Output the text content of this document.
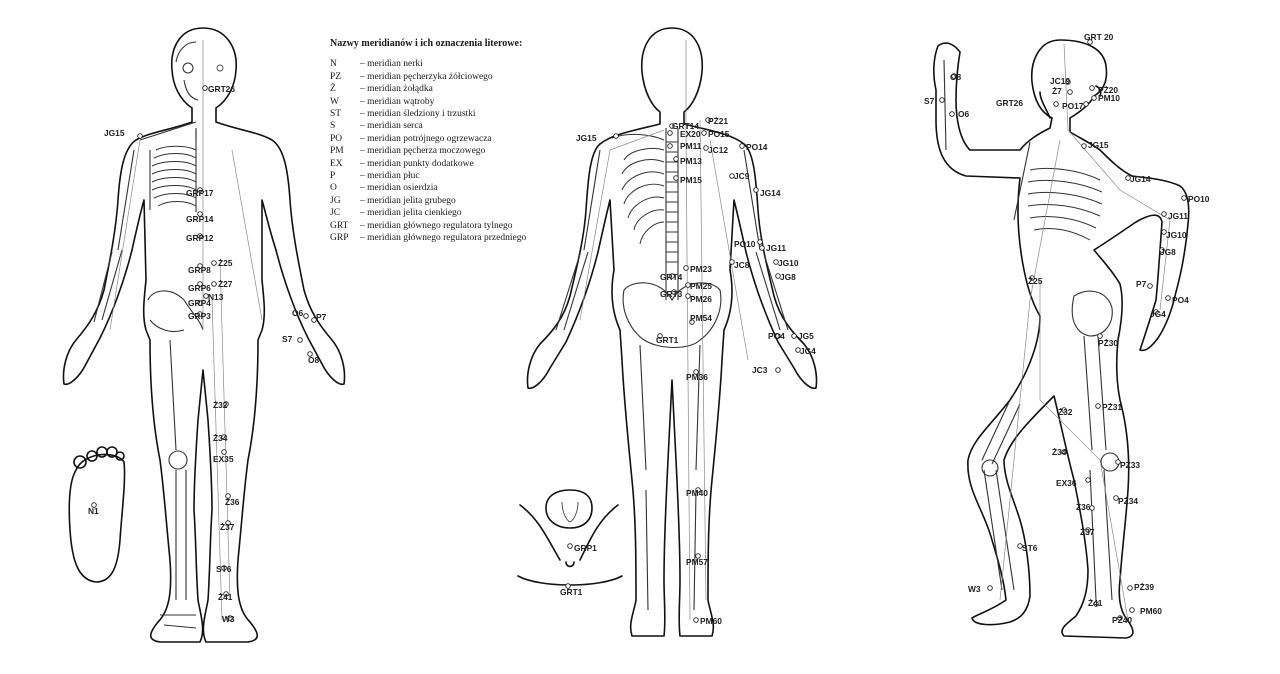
GRT26
JG15
GRP17
GRP14
GRP12
GRP8
Ż25
GRP6 Ż27
N13
GRP4
GRP3	O6 P7
S7
O8
Ż32
Ż34
EX35
Ż36
Ż37
ST6
Ż41
W3
N1
PŻ21
GRT14
EX20 PO15
JG15
PM11 JC12 PO14
PM13
PM15	JC9
JG14
PO10 JG11
JC8	JG10
JG8
PM23
GRT4
PM25
GRT3 PM26
PM54
GRT1	PO4 JG5
JG4
JC3
PM36
PM40
GRP1
GRT1
PM57
PM60
GRT 20
O8	JC19
Ż7	PŻ20
PM10
GRT26	PO17
S7
O6
JG15
JG14
PO10
JG11
JG10
JG8
Ż25	P7
PO4
JG4
PŻ30
Ż32	PŻ31
Ż34
PŻ33
EX36
Ż36
PŻ34
Ż37
ST6
PŻ39
W3
Ż41
PM60
PŻ40
Nazwy meridianów i ich oznaczenia literowe:
N	– meridian nerki
PZ	– meridian pęcherzyka żółciowego
Ż	– meridian żołądka
W	– meridian wątroby
ST	– meridian śledziony i trzustki
S	– meridian serca
PO	– meridian potrójnego ogrzewacza
PM	– meridian pęcherza moczowego
EX	– meridian punkty dodatkowe
P	– meridian płuc
O	– meridian osierdzia
JG	– meridian jelita grubego
JC	– meridian jelita cienkiego
GRT	– meridian głównego regulatora tylnego
GRP	– meridian głównego regulatora przedniego
